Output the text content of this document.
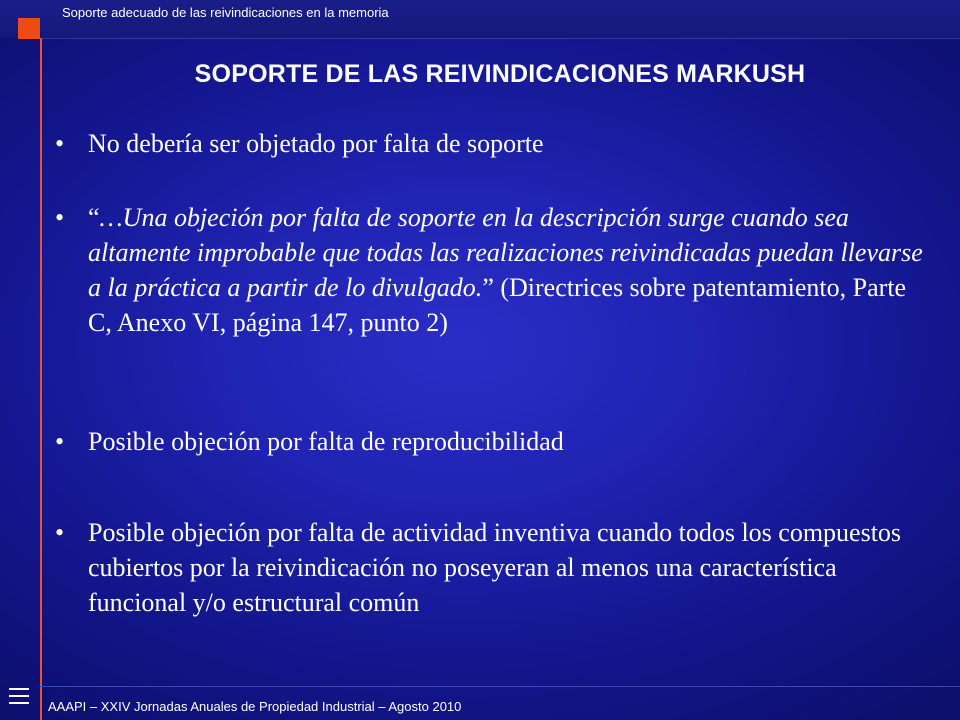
Soporte adecuado de las reivindicaciones en la memoria
SOPORTE DE LAS REIVINDICACIONES MARKUSH
• No debería ser objetado por falta de soporte
• “…Una objeción por falta de soporte en la descripción surge cuando sea altamente improbable que todas las realizaciones reivindicadas puedan llevarse a la práctica a partir de lo divulgado.” (Directrices sobre patentamiento, Parte C, Anexo VI, página 147, punto 2)
• Posible objeción por falta de reproducibilidad
• Posible objeción por falta de actividad inventiva cuando todos los compuestos cubiertos por la reivindicación no poseyeran al menos una característica funcional y/o estructural común
AAAPI – XXIV Jornadas Anuales de Propiedad Industrial – Agosto 2010
